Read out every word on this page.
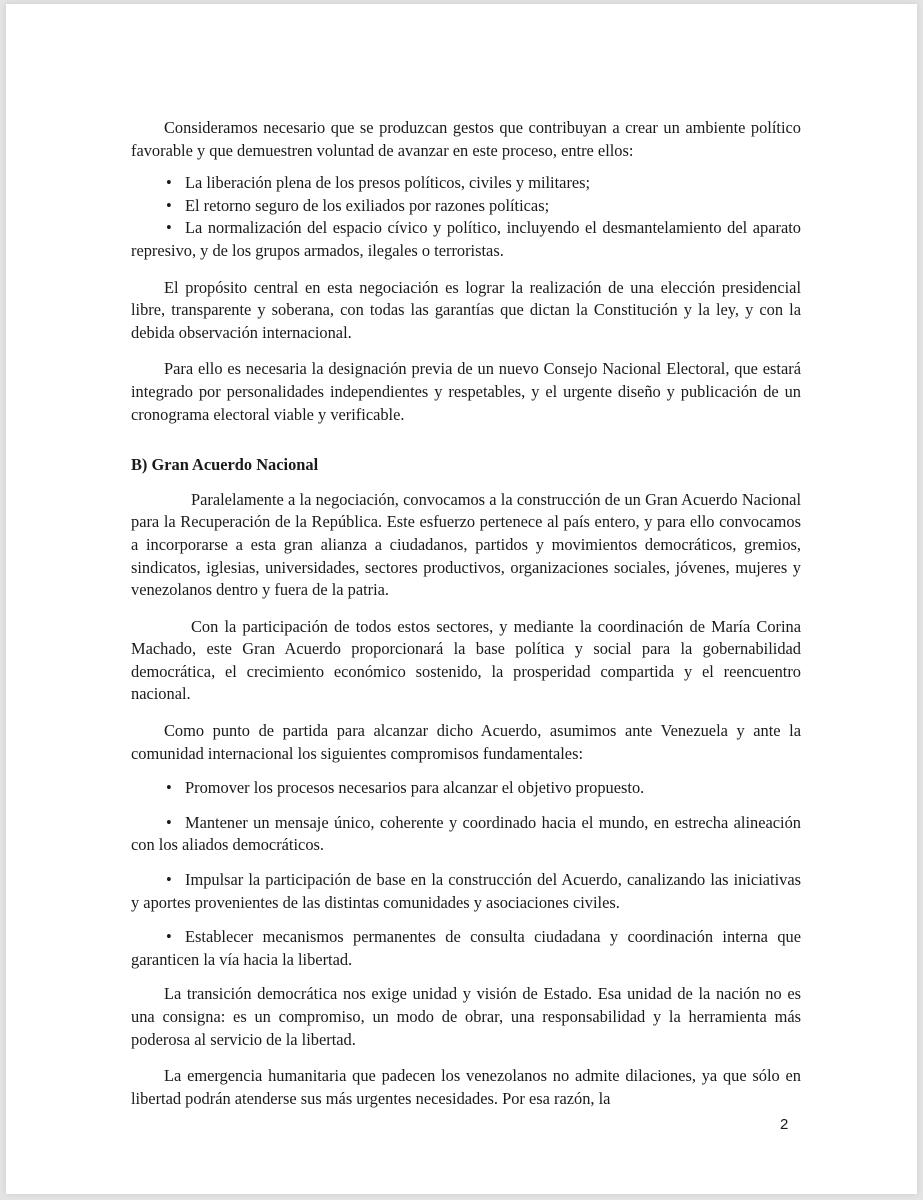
Consideramos necesario que se produzcan gestos que contribuyan a crear un ambiente político favorable y que demuestren voluntad de avanzar en este proceso, entre ellos:

• La liberación plena de los presos políticos, civiles y militares;
• El retorno seguro de los exiliados por razones políticas;
• La normalización del espacio cívico y político, incluyendo el desmantelamiento del aparato represivo, y de los grupos armados, ilegales o terroristas.

El propósito central en esta negociación es lograr la realización de una elección presidencial libre, transparente y soberana, con todas las garantías que dictan la Constitución y la ley, y con la debida observación internacional.

Para ello es necesaria la designación previa de un nuevo Consejo Nacional Electoral, que estará integrado por personalidades independientes y respetables, y el urgente diseño y publicación de un cronograma electoral viable y verificable.

B) Gran Acuerdo Nacional

Paralelamente a la negociación, convocamos a la construcción de un Gran Acuerdo Nacional para la Recuperación de la República. Este esfuerzo pertenece al país entero, y para ello convocamos a incorporarse a esta gran alianza a ciudadanos, partidos y movimientos democráticos, gremios, sindicatos, iglesias, universidades, sectores productivos, organizaciones sociales, jóvenes, mujeres y venezolanos dentro y fuera de la patria.

Con la participación de todos estos sectores, y mediante la coordinación de María Corina Machado, este Gran Acuerdo proporcionará la base política y social para la gobernabilidad democrática, el crecimiento económico sostenido, la prosperidad compartida y el reencuentro nacional.

Como punto de partida para alcanzar dicho Acuerdo, asumimos ante Venezuela y ante la comunidad internacional los siguientes compromisos fundamentales:

• Promover los procesos necesarios para alcanzar el objetivo propuesto.
• Mantener un mensaje único, coherente y coordinado hacia el mundo, en estrecha alineación con los aliados democráticos.
• Impulsar la participación de base en la construcción del Acuerdo, canalizando las iniciativas y aportes provenientes de las distintas comunidades y asociaciones civiles.
• Establecer mecanismos permanentes de consulta ciudadana y coordinación interna que garanticen la vía hacia la libertad.

La transición democrática nos exige unidad y visión de Estado. Esa unidad de la nación no es una consigna: es un compromiso, un modo de obrar, una responsabilidad y la herramienta más poderosa al servicio de la libertad.

La emergencia humanitaria que padecen los venezolanos no admite dilaciones, ya que sólo en libertad podrán atenderse sus más urgentes necesidades. Por esa razón, la

2
